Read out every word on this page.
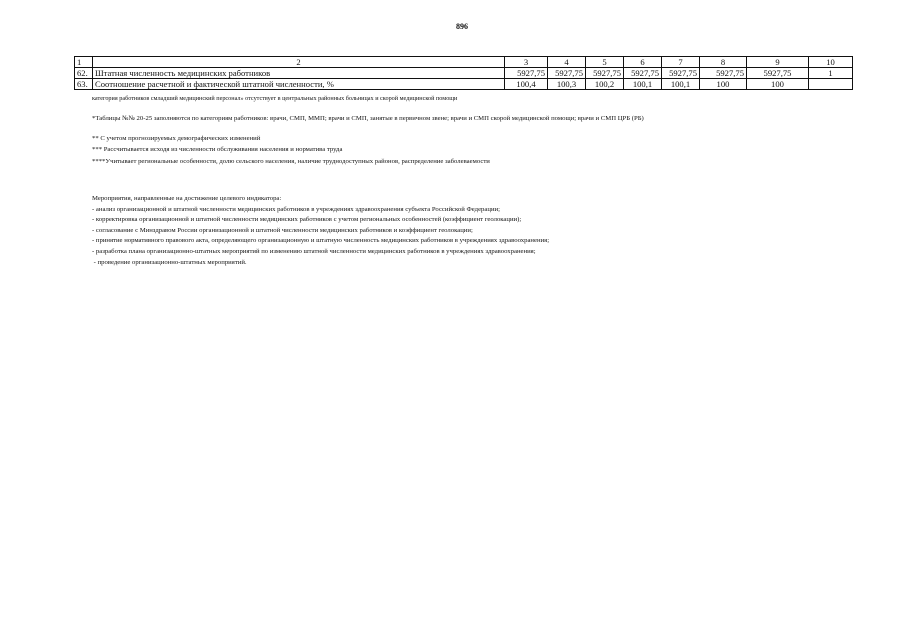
896
1	2	3	4	5	6	7	8	9	10
62.	Штатная численность медицинских работников	5927,75	5927,75	5927,75	5927,75	5927,75	5927,75	5927,75	1
63.	Соотношение расчетной и фактической штатной численности, %	100,4	100,3	100,2	100,1	100,1	100	100	
категория работников смладший медицинский персонал» отсутствует в центральных районных больницах и скорой медицинской помощи
*Таблицы №№ 20-25 заполняются по категориям работников: врачи, СМП, ММП; врачи и СМП, занятые в первичном звене; врачи и СМП скорой медицинской помощи; врачи и СМП ЦРБ (РБ)
** С учетом прогнозируемых демографических изменений
*** Рассчитывается исходя из численности обслуживания населения и норматива труда
****Учитывает региональные особенности, долю сельского населения, наличие труднодоступных районов, распределение заболеваемости
Мероприятия, направленные на достижение целевого индикатора:
- анализ организационной и штатной численности медицинских работников в учреждениях здравоохранения субъекта Российской Федерации;
- корректировка организационной и штатной численности медицинских работников с учетом региональных особенностей (коэффициент геолокации);
- согласование с Минздравом России организационной и штатной численности медицинских работников и коэффициент геолокации;
- принятие нормативного правового акта, определяющего организационную и штатную численность медицинских работников в учреждениях здравоохранения;
- разработка плана организационно-штатных мероприятий по изменению штатной численности медицинских работников в учреждениях здравоохранения;
- проведение организационно-штатных мероприятий.
